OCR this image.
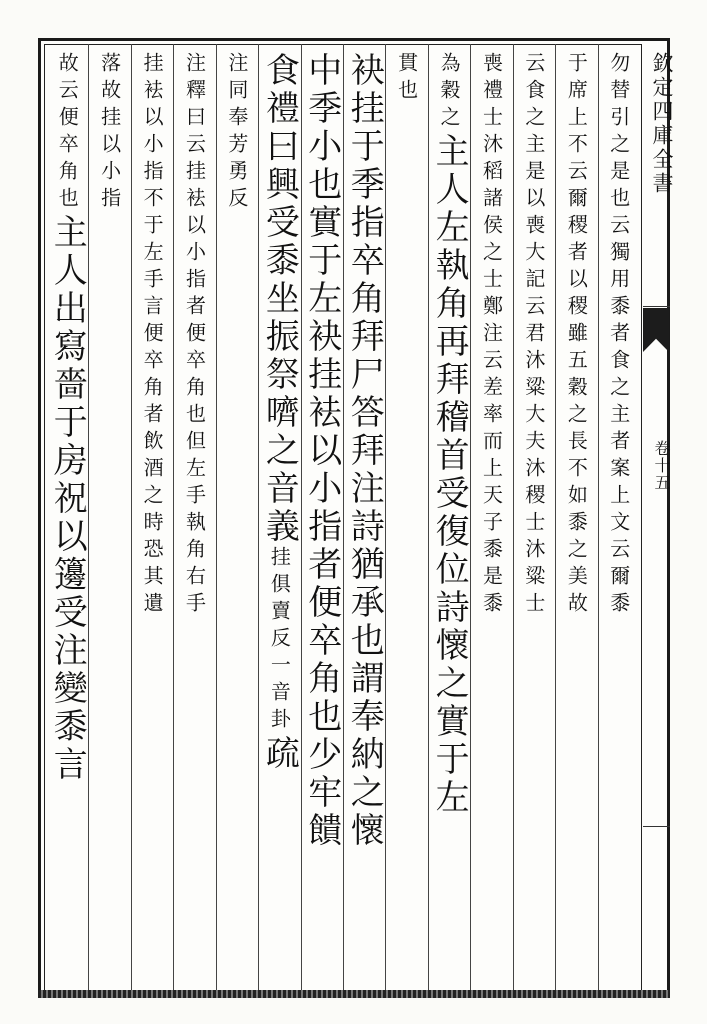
欽定四庫全書
卷十五
勿替引之是也云獨用黍者食之主者案上文云爾黍
于席上不云爾稷者以稷雖五穀之長不如黍之美故
云食之主是以喪大記云君沐粱大夫沐稷士沐粱士
喪禮士沐稻諸侯之士鄭注云差率而上天子黍是黍
為穀之主人左執角再拜稽首受復位詩懷之實于左
貫也
袂挂于季指卒角拜尸答拜注詩猶承也謂奉納之懷
中季小也實于左袂挂袪以小指者便卒角也少牢饋
食禮曰興受黍坐振祭嚌之音義挂俱賣反一音卦疏
注同奉芳勇反
注釋曰云挂袪以小指者便卒角也但左手執角右手
挂袪以小指不于左手言便卒角者飲酒之時恐其遺
落故挂以小指
故云便卒角也主人出寫嗇于房祝以籩受注變黍言
